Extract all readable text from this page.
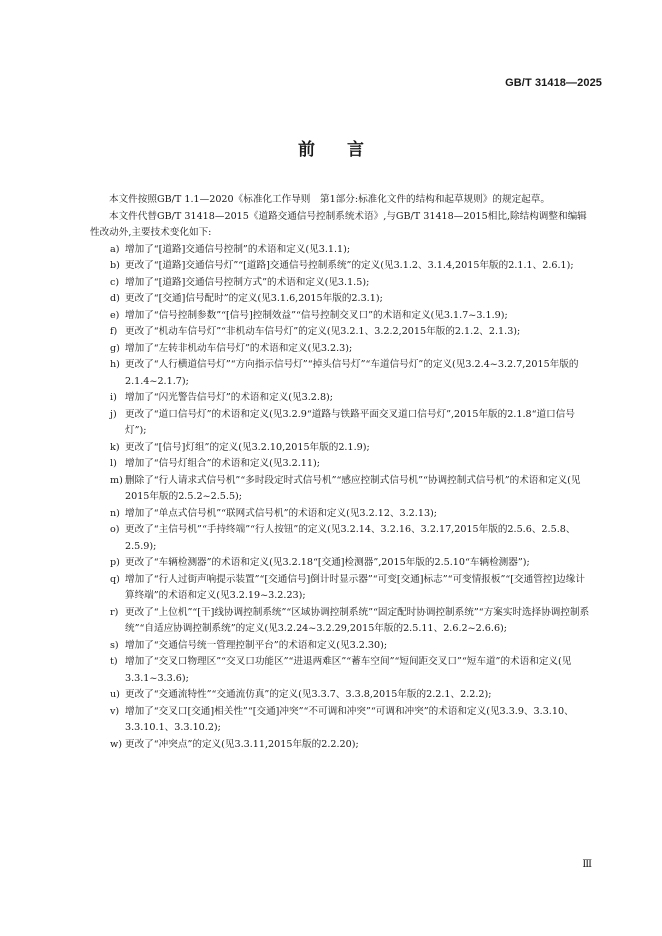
GB/T 31418—2025
前言

本文件按照GB/T 1.1—2020《标准化工作导则　第1部分:标准化文件的结构和起草规则》的规定起草。

本文件代替GB/T 31418—2015《道路交通信号控制系统术语》,与GB/T 31418—2015相比,除结构调整和编辑性改动外,主要技术变化如下:

a) 增加了“[道路]交通信号控制”的术语和定义(见3.1.1);
b) 更改了“[道路]交通信号灯”“[道路]交通信号控制系统”的定义(见3.1.2、3.1.4,2015年版的2.1.1、2.6.1);
c) 增加了“[道路]交通信号控制方式”的术语和定义(见3.1.5);
d) 更改了“[交通]信号配时”的定义(见3.1.6,2015年版的2.3.1);
e) 增加了“信号控制参数”“[信号]控制效益”“信号控制交叉口”的术语和定义(见3.1.7~3.1.9);
f) 更改了“机动车信号灯”“非机动车信号灯”的定义(见3.2.1、3.2.2,2015年版的2.1.2、2.1.3);
g) 增加了“左转非机动车信号灯”的术语和定义(见3.2.3);
h) 更改了“人行横道信号灯”“方向指示信号灯”“掉头信号灯”“车道信号灯”的定义(见3.2.4~3.2.7,2015年版的2.1.4~2.1.7);
i) 增加了“闪光警告信号灯”的术语和定义(见3.2.8);
j) 更改了“道口信号灯”的术语和定义(见3.2.9“道路与铁路平面交叉道口信号灯”,2015年版的2.1.8“道口信号灯”);
k) 更改了“[信号]灯组”的定义(见3.2.10,2015年版的2.1.9);
l) 增加了“信号灯组合”的术语和定义(见3.2.11);
m) 删除了“行人请求式信号机”“多时段定时式信号机”“感应控制式信号机”“协调控制式信号机”的术语和定义(见2015年版的2.5.2~2.5.5);
n) 增加了“单点式信号机”“联网式信号机”的术语和定义(见3.2.12、3.2.13);
o) 更改了“主信号机”“手持终端”“行人按钮”的定义(见3.2.14、3.2.16、3.2.17,2015年版的2.5.6、2.5.8、2.5.9);
p) 更改了“车辆检测器”的术语和定义(见3.2.18“[交通]检测器”,2015年版的2.5.10“车辆检测器”);
q) 增加了“行人过街声响提示装置”“[交通信号]倒计时显示器”“可变[交通]标志”“可变情报板”“[交通管控]边缘计算终端”的术语和定义(见3.2.19~3.2.23);
r) 更改了“上位机”“[干]线协调控制系统”“区域协调控制系统”“固定配时协调控制系统”“方案实时选择协调控制系统”“自适应协调控制系统”的定义(见3.2.24~3.2.29,2015年版的2.5.11、2.6.2~2.6.6);
s) 增加了“交通信号统一管理控制平台”的术语和定义(见3.2.30);
t) 增加了“交叉口物理区”“交叉口功能区”“进退两难区”“蓄车空间”“短间距交叉口”“短车道”的术语和定义(见3.3.1~3.3.6);
u) 更改了“交通流特性”“交通流仿真”的定义(见3.3.7、3.3.8,2015年版的2.2.1、2.2.2);
v) 增加了“交叉口[交通]相关性”“[交通]冲突”“不可调和冲突”“可调和冲突”的术语和定义(见3.3.9、3.3.10、3.3.10.1、3.3.10.2);
w) 更改了“冲突点”的定义(见3.3.11,2015年版的2.2.20);
Ⅲ
